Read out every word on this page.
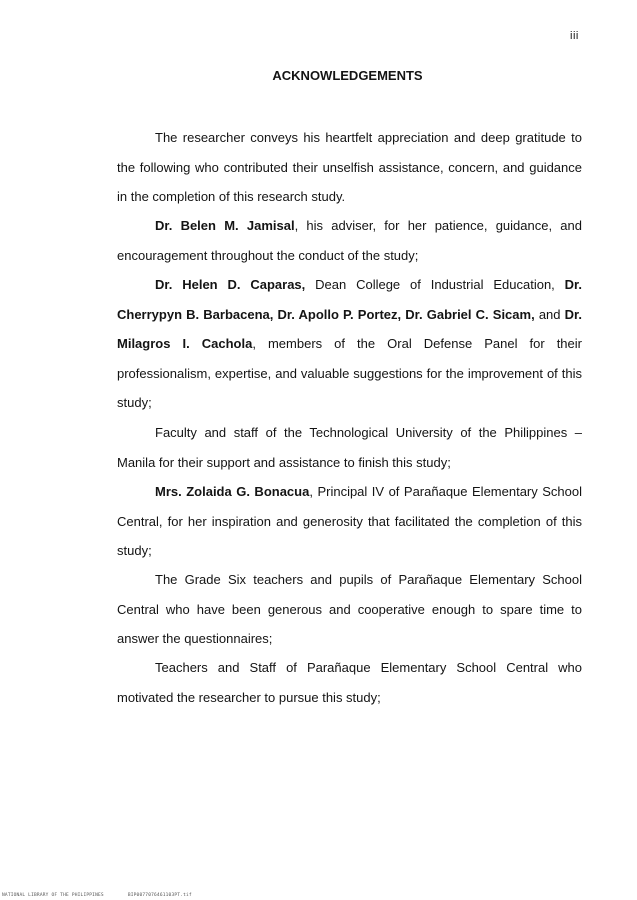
iii
ACKNOWLEDGEMENTS

The researcher conveys his heartfelt appreciation and deep gratitude to the following who contributed their unselfish assistance, concern, and guidance in the completion of this research study.

Dr. Belen M. Jamisal, his adviser, for her patience, guidance, and encouragement throughout the conduct of the study;

Dr. Helen D. Caparas, Dean College of Industrial Education, Dr. Cherrypyn B. Barbacena, Dr. Apollo P. Portez, Dr. Gabriel C. Sicam, and Dr. Milagros I. Cachola, members of the Oral Defense Panel for their professionalism, expertise, and valuable suggestions for the improvement of this study;

Faculty and staff of the Technological University of the Philippines – Manila for their support and assistance to finish this study;

Mrs. Zolaida G. Bonacua, Principal IV of Parañaque Elementary School Central, for her inspiration and generosity that facilitated the completion of this study;

The Grade Six teachers and pupils of Parañaque Elementary School Central who have been generous and cooperative enough to spare time to answer the questionnaires;

Teachers and Staff of Parañaque Elementary School Central who motivated the researcher to pursue this study;

NATIONAL LIBRARY OF THE PHILIPPINES	BIP0077076461103PT.tif
